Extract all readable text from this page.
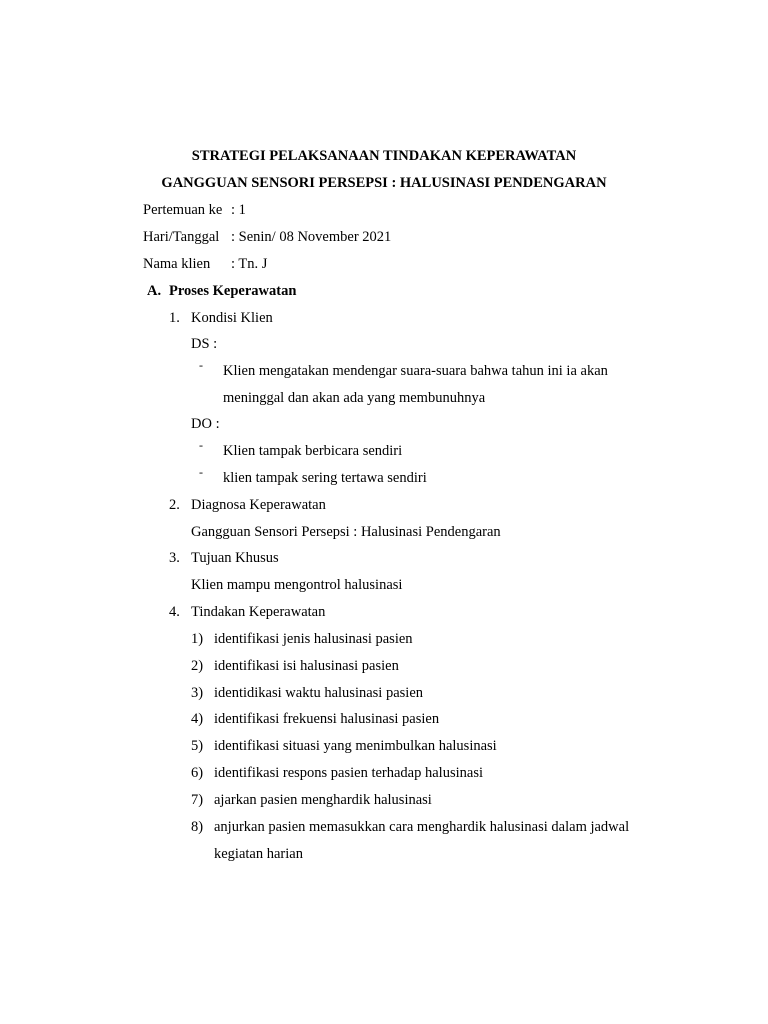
STRATEGI PELAKSANAAN TINDAKAN KEPERAWATAN
GANGGUAN SENSORI PERSEPSI : HALUSINASI PENDENGARAN
Pertemuan ke : 1
Hari/Tanggal : Senin/ 08 November 2021
Nama klien : Tn. J
A. Proses Keperawatan
1. Kondisi Klien
DS :
- Klien mengatakan mendengar suara-suara bahwa tahun ini ia akan
meninggal dan akan ada yang membunuhnya
DO :
- Klien tampak berbicara sendiri
- klien tampak sering tertawa sendiri
2. Diagnosa Keperawatan
Gangguan Sensori Persepsi : Halusinasi Pendengaran
3. Tujuan Khusus
Klien mampu mengontrol halusinasi
4. Tindakan Keperawatan
1) identifikasi jenis halusinasi pasien
2) identifikasi isi halusinasi pasien
3) identidikasi waktu halusinasi pasien
4) identifikasi frekuensi halusinasi pasien
5) identifikasi situasi yang menimbulkan halusinasi
6) identifikasi respons pasien terhadap halusinasi
7) ajarkan pasien menghardik halusinasi
8) anjurkan pasien memasukkan cara menghardik halusinasi dalam jadwal
kegiatan harian
